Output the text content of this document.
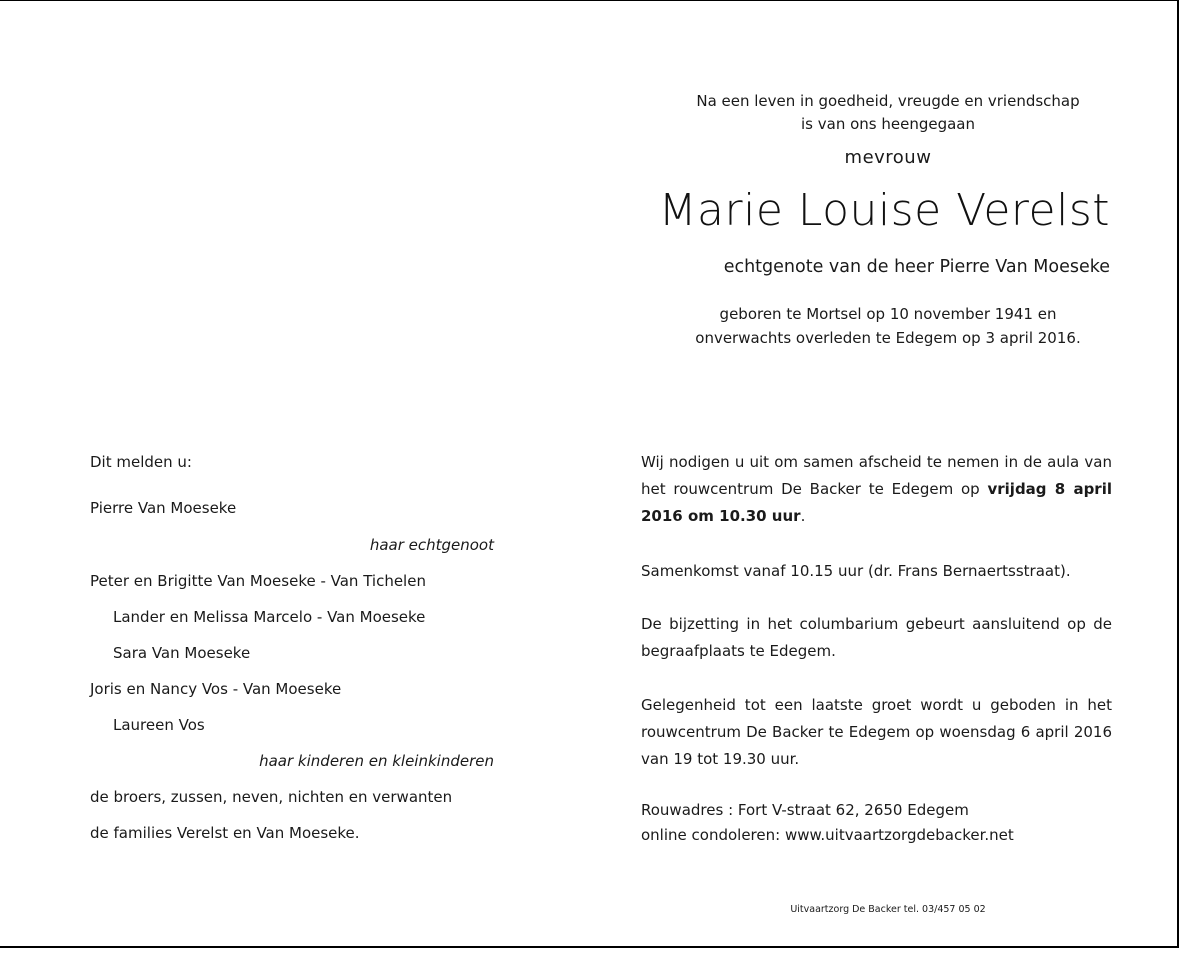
Na een leven in goedheid, vreugde en vriendschap
is van ons heengegaan
mevrouw
Marie Louise Verelst
echtgenote van de heer Pierre Van Moeseke
geboren te Mortsel op 10 november 1941 en
onverwachts overleden te Edegem op 3 april 2016.
Dit melden u:
Pierre Van Moeseke
haar echtgenoot
Peter en Brigitte Van Moeseke - Van Tichelen
Lander en Melissa Marcelo - Van Moeseke
Sara Van Moeseke
Joris en Nancy Vos - Van Moeseke
Laureen Vos
haar kinderen en kleinkinderen
de broers, zussen, neven, nichten en verwanten
de families Verelst en Van Moeseke.
Wij nodigen u uit om samen afscheid te nemen in de aula van het rouwcentrum De Backer te Edegem op vrijdag 8 april 2016 om 10.30 uur.
Samenkomst vanaf 10.15 uur (dr. Frans Bernaertsstraat).
De bijzetting in het columbarium gebeurt aansluitend op de begraafplaats te Edegem.
Gelegenheid tot een laatste groet wordt u geboden in het rouwcentrum De Backer te Edegem op woensdag 6 april 2016 van 19 tot 19.30 uur.
Rouwadres : Fort V-straat 62, 2650 Edegem
online condoleren: www.uitvaartzorgdebacker.net
Uitvaartzorg De Backer tel. 03/457 05 02
